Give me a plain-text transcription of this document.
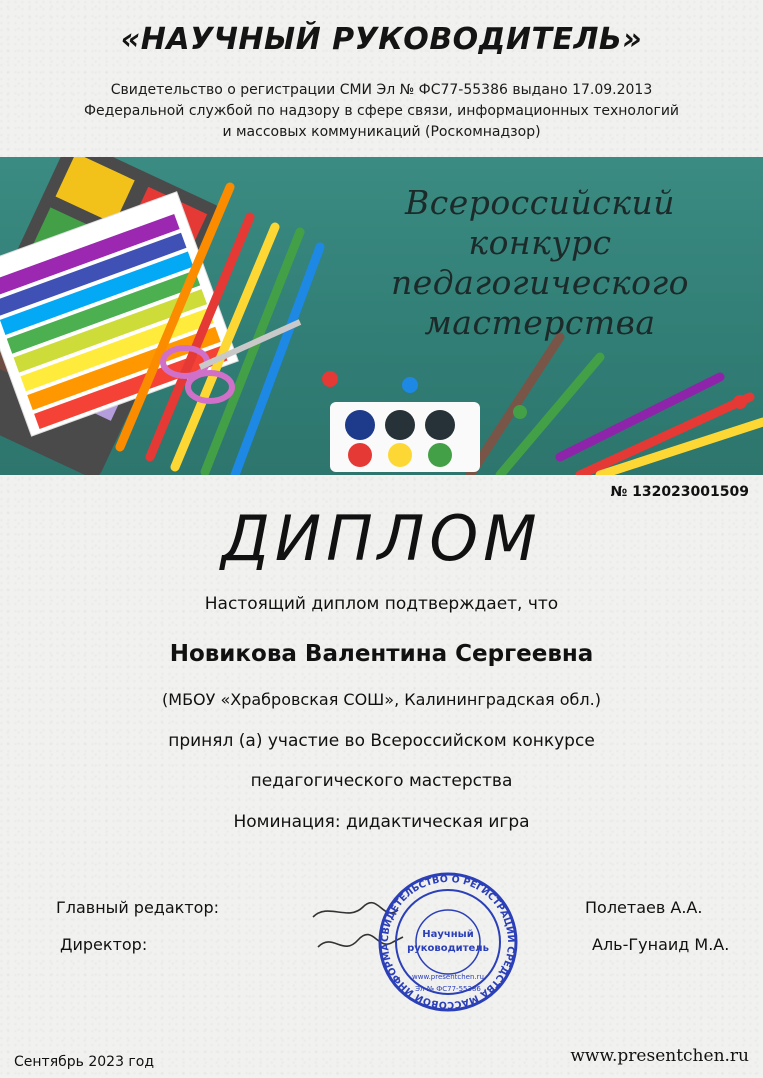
«НАУЧНЫЙ РУКОВОДИТЕЛЬ»
Свидетельство о регистрации СМИ Эл № ФС77-55386 выдано 17.09.2013
Федеральной службой по надзору в сфере связи, информационных технологий
и массовых коммуникаций (Роскомнадзор)
Всероссийский
конкурс
педагогического
мастерства
№ 132023001509
ДИПЛОМ
Настоящий диплом подтверждает, что
Новикова Валентина Сергеевна
(МБОУ «Храбровская СОШ», Калининградская обл.)
принял (а) участие во Всероссийском конкурсе
педагогического мастерства
Номинация: дидактическая игра
Главный редактор:
Директор:
Полетаев А.А.
Аль-Гунаид М.А.
СВИДЕТЕЛЬСТВО О РЕГИСТРАЦИИ СРЕДСТВА МАССОВОЙ ИНФОРМАЦИИ
Научный
руководитель
www.presentchen.ru
Эл № ФС77-55386
Сентябрь 2023 год	www.presentchen.ru
